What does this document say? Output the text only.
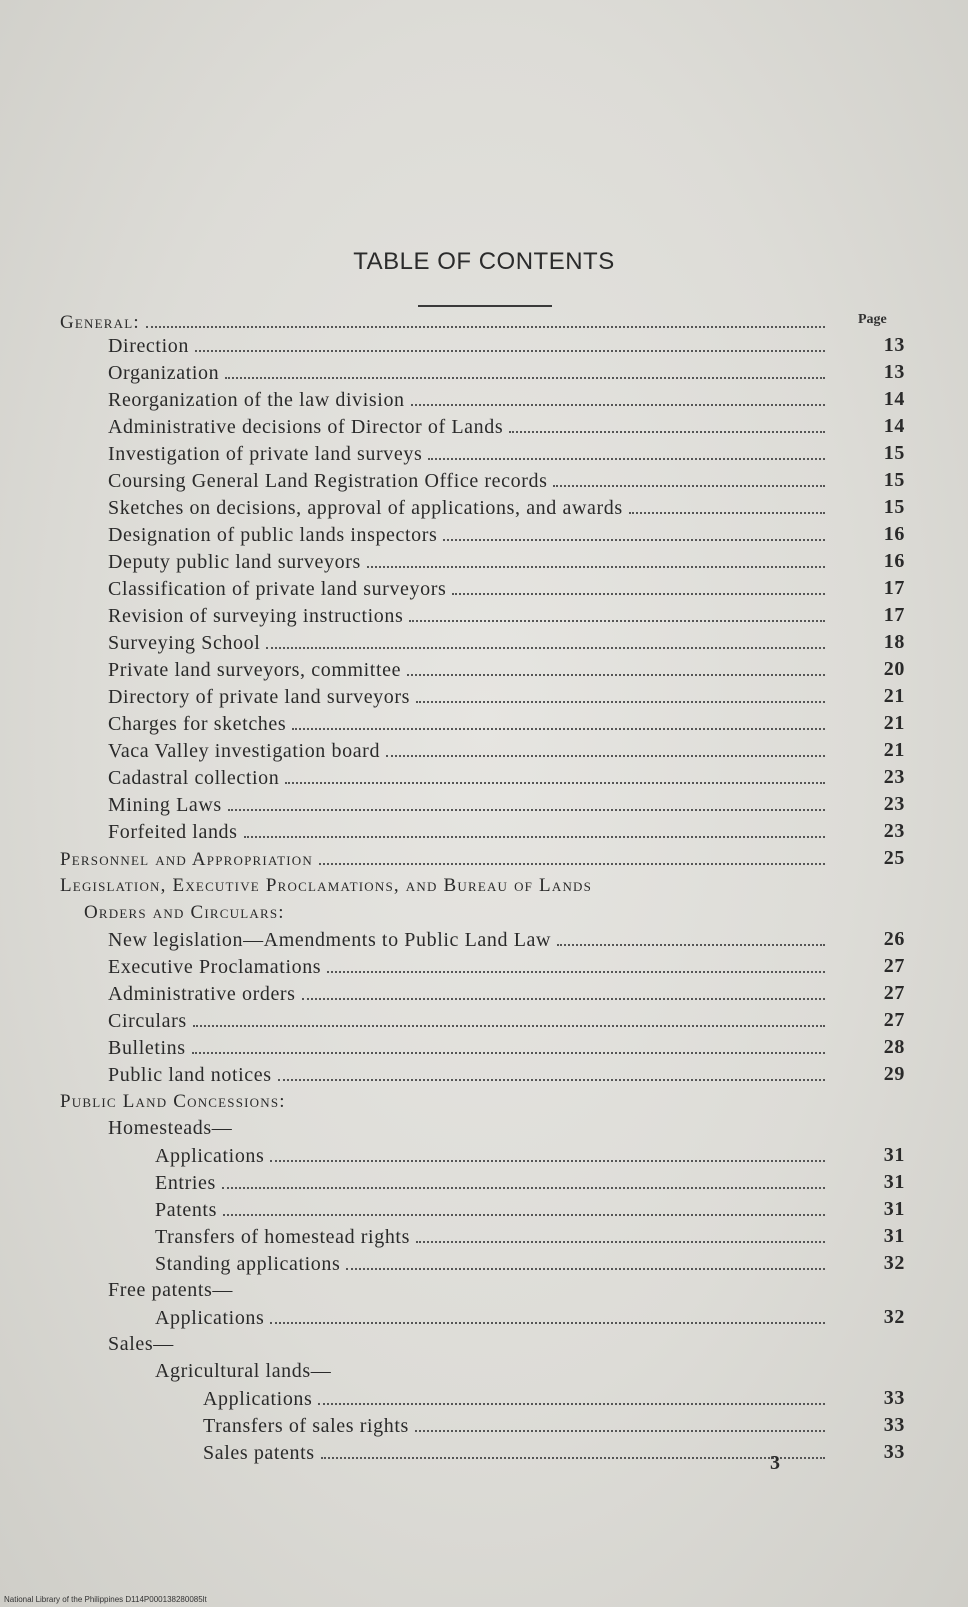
TABLE OF CONTENTS
Page
General:
Direction	13
Organization	13
Reorganization of the law division	14
Administrative decisions of Director of Lands	14
Investigation of private land surveys	15
Coursing General Land Registration Office records	15
Sketches on decisions, approval of applications, and awards	15
Designation of public lands inspectors	16
Deputy public land surveyors	16
Classification of private land surveyors	17
Revision of surveying instructions	17
Surveying School	18
Private land surveyors, committee	20
Directory of private land surveyors	21
Charges for sketches	21
Vaca Valley investigation board	21
Cadastral collection	23
Mining Laws	23
Forfeited lands	23
Personnel and Appropriation	25
Legislation, Executive Proclamations, and Bureau of Lands
Orders and Circulars:
New legislation—Amendments to Public Land Law	26
Executive Proclamations	27
Administrative orders	27
Circulars	27
Bulletins	28
Public land notices	29
Public Land Concessions:
Homesteads—
Applications	31
Entries	31
Patents	31
Transfers of homestead rights	31
Standing applications	32
Free patents—
Applications	32
Sales—
Agricultural lands—
Applications	33
Transfers of sales rights	33
Sales patents	33
3
National Library of the Philippines D114P000138280085lt
